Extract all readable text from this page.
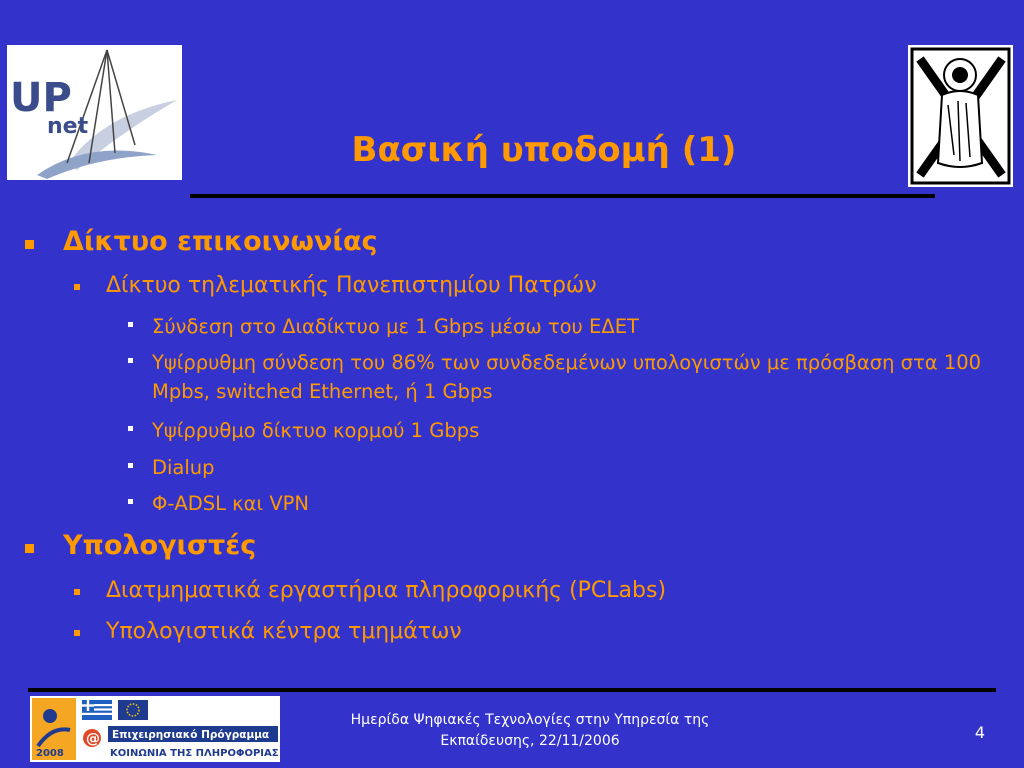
UP
net
Βασική υποδομή (1)
Δίκτυο επικοινωνίας
Δίκτυο τηλεματικής Πανεπιστημίου Πατρών
Σύνδεση στο Διαδίκτυο με 1 Gbps μέσω του ΕΔΕΤ
Υψίρρυθμη σύνδεση του 86% των συνδεδεμένων υπολογιστών με πρόσβαση στα 100 Mpbs, switched Ethernet, ή 1 Gbps
Υψίρρυθμο δίκτυο κορμού 1 Gbps
Dialup
Φ-ADSL και VPN
Υπολογιστές
Διατμηματικά εργαστήρια πληροφορικής (PCLabs)
Υπολογιστικά κέντρα τμημάτων
2008
@ Επιχειρησιακό Πρόγραμμα
ΚΟΙΝΩΝΙΑ ΤΗΣ ΠΛΗΡΟΦΟΡΙΑΣ
Ημερίδα Ψηφιακές Τεχνολογίες στην Υπηρεσία της
Εκπαίδευσης, 22/11/2006	4
